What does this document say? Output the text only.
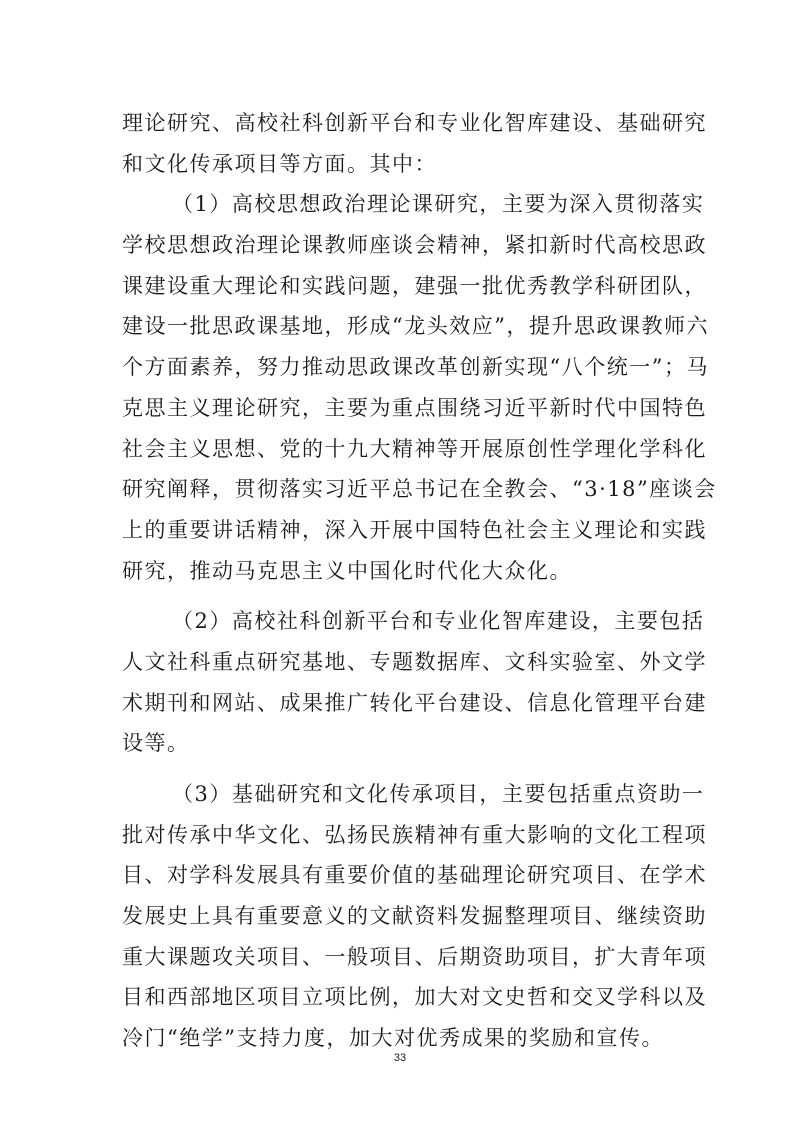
理论研究、高校社科创新平台和专业化智库建设、基础研究
和文化传承项目等方面。其中：
（1）高校思想政治理论课研究，主要为深入贯彻落实
学校思想政治理论课教师座谈会精神，紧扣新时代高校思政
课建设重大理论和实践问题，建强一批优秀教学科研团队，
建设一批思政课基地，形成“龙头效应”，提升思政课教师六
个方面素养，努力推动思政课改革创新实现“八个统一”；马
克思主义理论研究，主要为重点围绕习近平新时代中国特色
社会主义思想、党的十九大精神等开展原创性学理化学科化
研究阐释，贯彻落实习近平总书记在全教会、“3·18”座谈会
上的重要讲话精神，深入开展中国特色社会主义理论和实践
研究，推动马克思主义中国化时代化大众化。
（2）高校社科创新平台和专业化智库建设，主要包括
人文社科重点研究基地、专题数据库、文科实验室、外文学
术期刊和网站、成果推广转化平台建设、信息化管理平台建
设等。
（3）基础研究和文化传承项目，主要包括重点资助一
批对传承中华文化、弘扬民族精神有重大影响的文化工程项
目、对学科发展具有重要价值的基础理论研究项目、在学术
发展史上具有重要意义的文献资料发掘整理项目、继续资助
重大课题攻关项目、一般项目、后期资助项目，扩大青年项
目和西部地区项目立项比例，加大对文史哲和交叉学科以及
冷门“绝学”支持力度，加大对优秀成果的奖励和宣传。
33
